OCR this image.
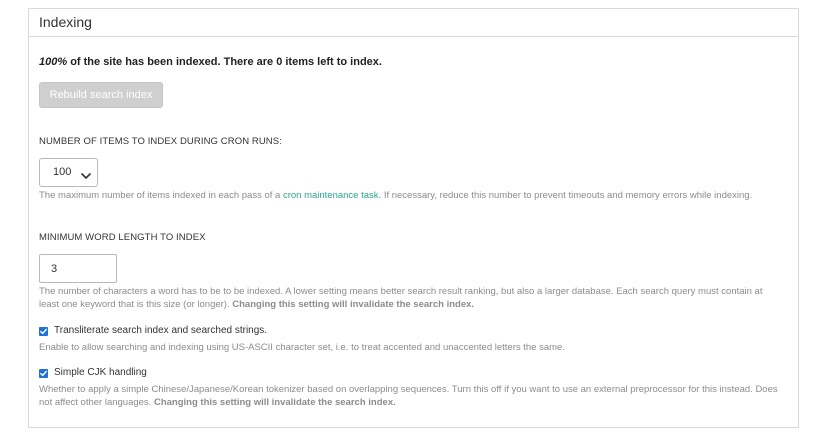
Indexing
100% of the site has been indexed. There are 0 items left to index.
Rebuild search index
NUMBER OF ITEMS TO INDEX DURING CRON RUNS:
100
The maximum number of items indexed in each pass of a cron maintenance task. If necessary, reduce this number to prevent timeouts and memory errors while indexing.
MINIMUM WORD LENGTH TO INDEX
3
The number of characters a word has to be to be indexed. A lower setting means better search result ranking, but also a larger database. Each search query must contain at least one keyword that is this size (or longer). Changing this setting will invalidate the search index.
Transliterate search index and searched strings.
Enable to allow searching and indexing using US-ASCII character set, i.e. to treat accented and unaccented letters the same.
Simple CJK handling
Whether to apply a simple Chinese/Japanese/Korean tokenizer based on overlapping sequences. Turn this off if you want to use an external preprocessor for this instead. Does not affect other languages. Changing this setting will invalidate the search index.
